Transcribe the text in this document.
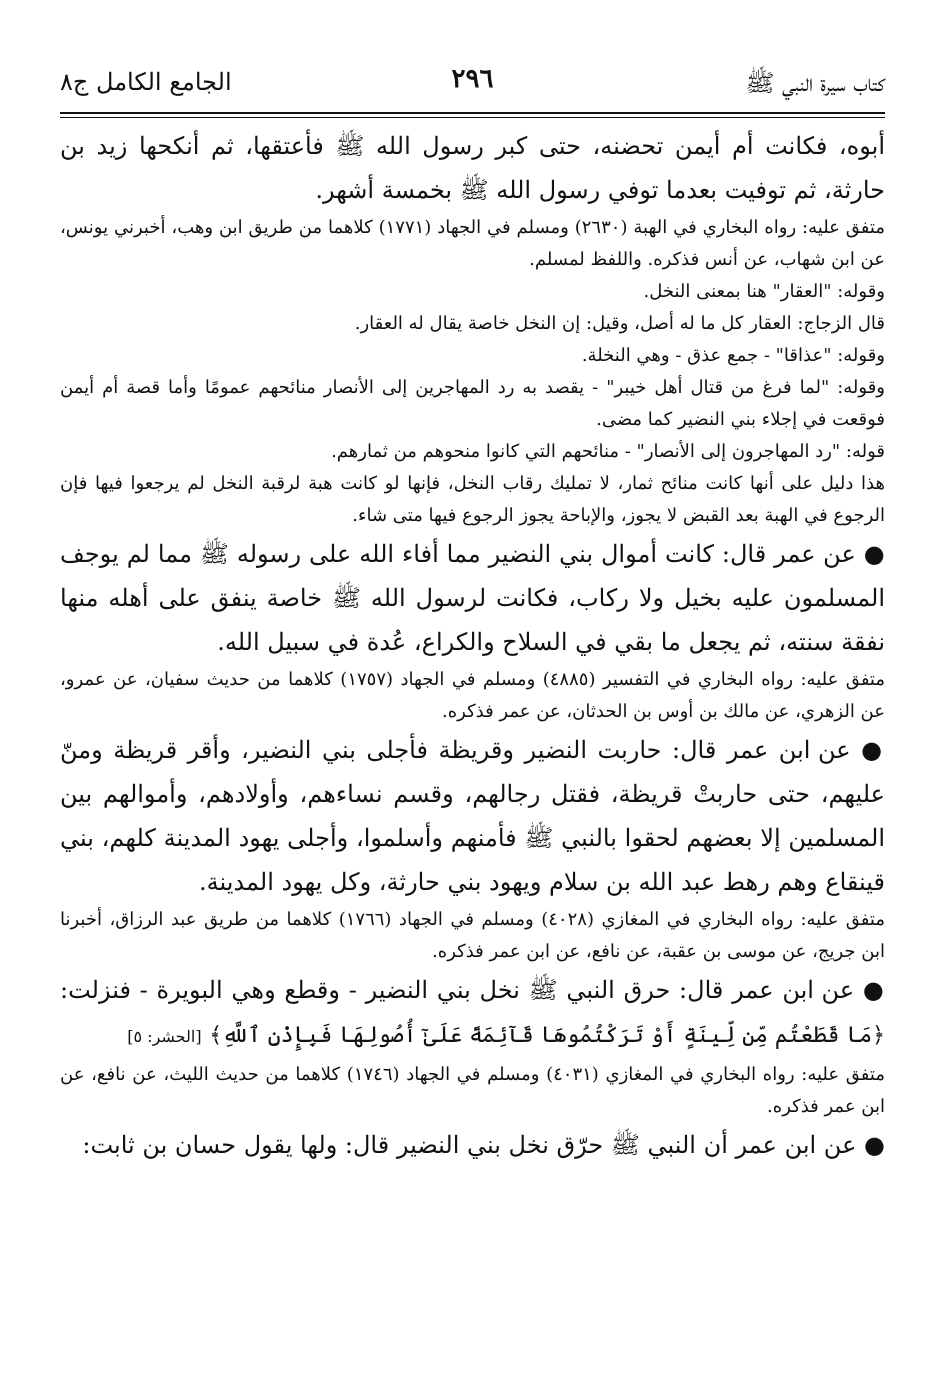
كتاب سيرة النبي ﷺ
٢٩٦
الجامع الكامل ج٨

أبوه، فكانت أم أيمن تحضنه، حتى كبر رسول الله ﷺ فأعتقها، ثم أنكحها زيد بن حارثة، ثم توفيت بعدما توفي رسول الله ﷺ بخمسة أشهر.

متفق عليه: رواه البخاري في الهبة (٢٦٣٠) ومسلم في الجهاد (١٧٧١) كلاهما من طريق ابن وهب، أخبرني يونس، عن ابن شهاب، عن أنس فذكره. واللفظ لمسلم.

وقوله: "العقار" هنا بمعنى النخل.

قال الزجاج: العقار كل ما له أصل، وقيل: إن النخل خاصة يقال له العقار.

وقوله: "عذاقا" - جمع عذق - وهي النخلة.

وقوله: "لما فرغ من قتال أهل خيبر" - يقصد به رد المهاجرين إلى الأنصار منائحهم عمومًا وأما قصة أم أيمن فوقعت في إجلاء بني النضير كما مضى.

قوله: "رد المهاجرون إلى الأنصار" - منائحهم التي كانوا منحوهم من ثمارهم.

هذا دليل على أنها كانت منائح ثمار، لا تمليك رقاب النخل، فإنها لو كانت هبة لرقبة النخل لم يرجعوا فيها فإن الرجوع في الهبة بعد القبض لا يجوز، والإباحة يجوز الرجوع فيها متى شاء.

● عن عمر قال: كانت أموال بني النضير مما أفاء الله على رسوله ﷺ مما لم يوجف المسلمون عليه بخيل ولا ركاب، فكانت لرسول الله ﷺ خاصة ينفق على أهله منها نفقة سنته، ثم يجعل ما بقي في السلاح والكراع، عُدة في سبيل الله.

متفق عليه: رواه البخاري في التفسير (٤٨٨٥) ومسلم في الجهاد (١٧٥٧) كلاهما من حديث سفيان، عن عمرو، عن الزهري، عن مالك بن أوس بن الحدثان، عن عمر فذكره.

● عن ابن عمر قال: حاربت النضير وقريظة فأجلى بني النضير، وأقر قريظة ومنّ عليهم، حتى حاربتْ قريظة، فقتل رجالهم، وقسم نساءهم، وأولادهم، وأموالهم بين المسلمين إلا بعضهم لحقوا بالنبي ﷺ فأمنهم وأسلموا، وأجلى يهود المدينة كلهم، بني قينقاع وهم رهط عبد الله بن سلام ويهود بني حارثة، وكل يهود المدينة.

متفق عليه: رواه البخاري في المغازي (٤٠٢٨) ومسلم في الجهاد (١٧٦٦) كلاهما من طريق عبد الرزاق، أخبرنا ابن جريج، عن موسى بن عقبة، عن نافع، عن ابن عمر فذكره.

● عن ابن عمر قال: حرق النبي ﷺ نخل بني النضير - وقطع وهي البويرة - فنزلت: ﴿مَا قَطَعْتُم مِّن لِّينَةٍ أَوْ تَرَكْتُمُوهَا قَآئِمَةً عَلَىٰٓ أُصُولِهَا فَبِإِذْنِ ٱللَّهِ﴾ [الحشر: ٥]

متفق عليه: رواه البخاري في المغازي (٤٠٣١) ومسلم في الجهاد (١٧٤٦) كلاهما من حديث الليث، عن نافع، عن ابن عمر فذكره.

● عن ابن عمر أن النبي ﷺ حرّق نخل بني النضير قال: ولها يقول حسان بن ثابت:
